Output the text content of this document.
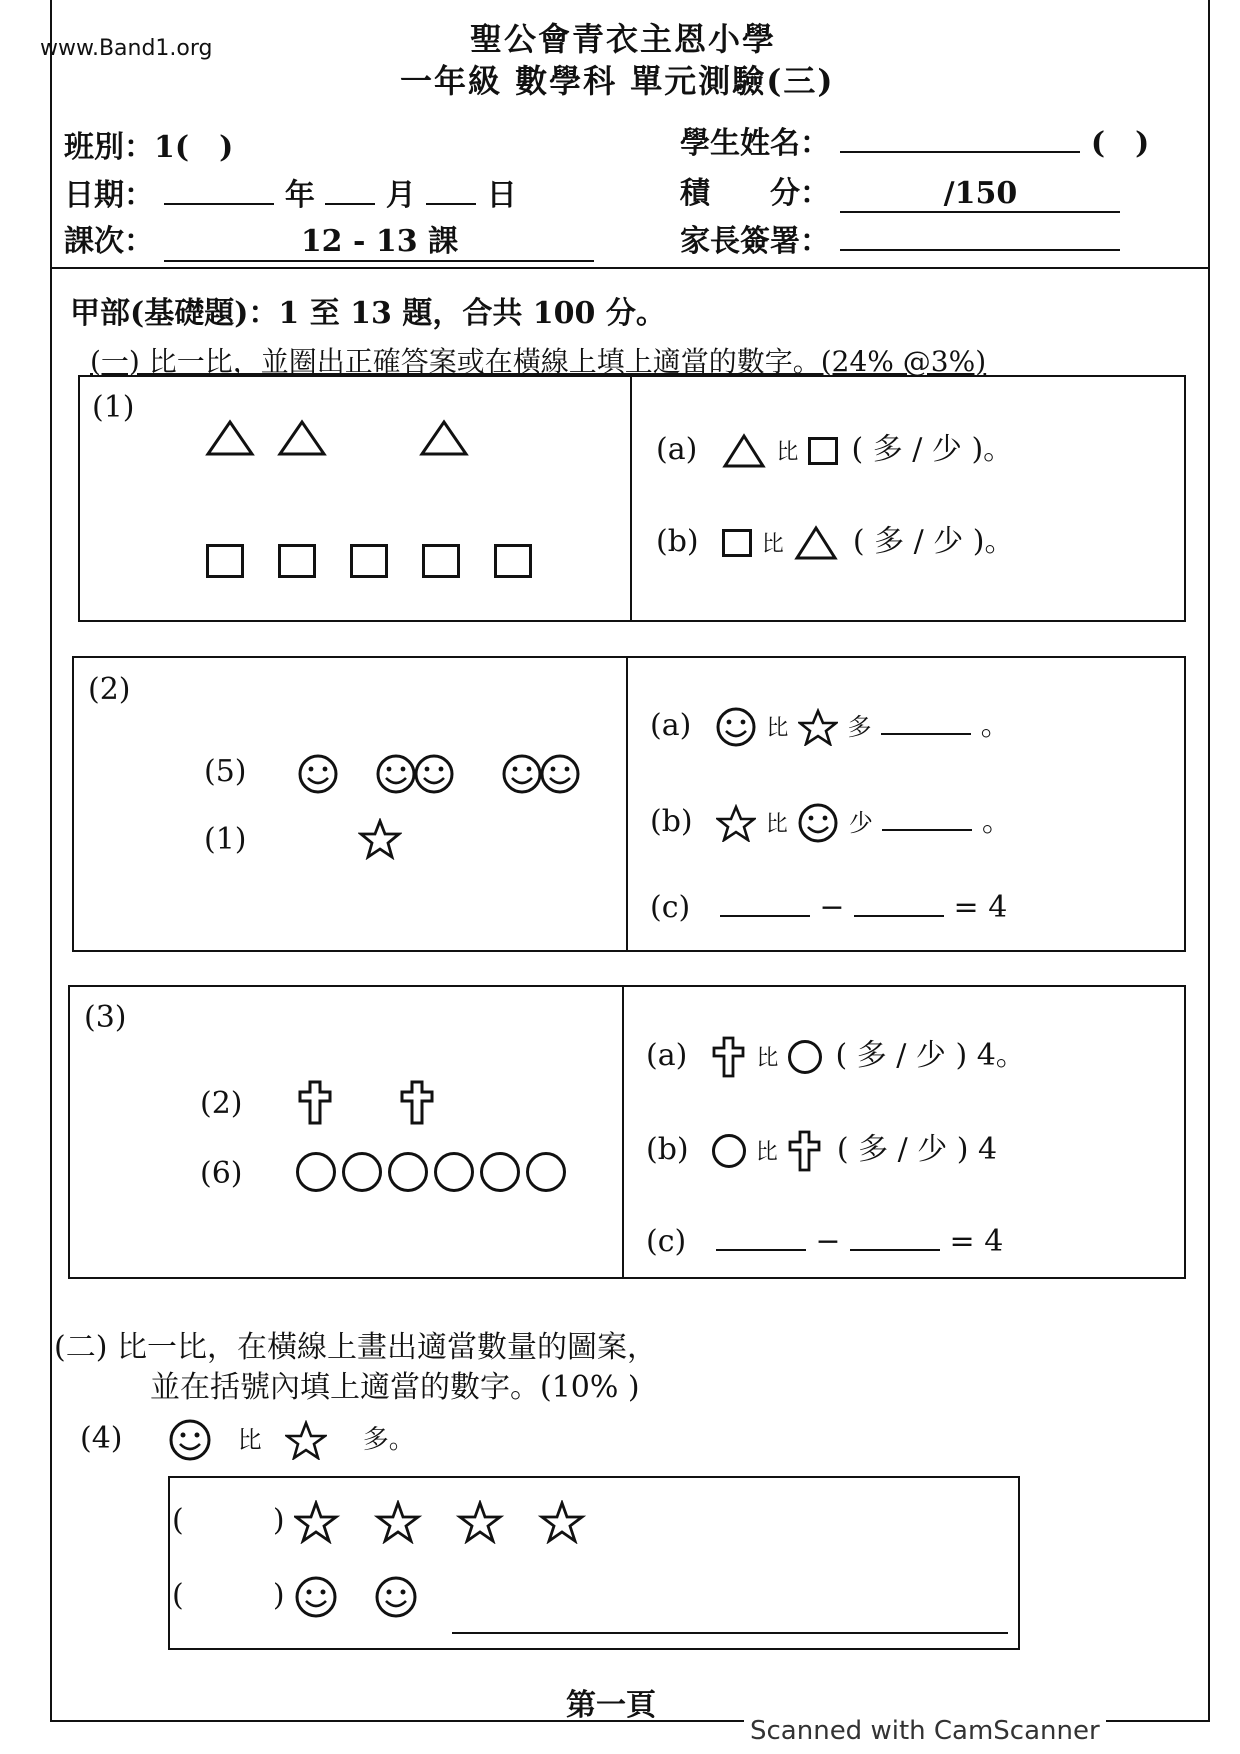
www.Band1.org	聖公會青衣主恩小學
一年級 數學科 單元測驗(三)
班別：1(　)
日期：	年 月 日
課次：	12 - 13 課
學生姓名：	(　)
積　　分：	/150
家長簽署：
甲部(基礎題)：1 至 13 題，合共 100 分。
(一) 比一比，並圈出正確答案或在橫線上填上適當的數字。(24% @3%)
(1)
(a)	比 ( 多 / 少 )。
(b)	比 ( 多 / 少 )。
(2)
(5)
(1)
(a)	比 多	。
(b)	比	少	。
(c)	−	= 4
(3)
(2)
(6)
(a)	比 ( 多 / 少 ) 4。
(b)	比 ( 多 / 少 ) 4
(c)	−	= 4
(二) 比一比，在橫線上畫出適當數量的圖案，
並在括號內填上適當的數字。(10% )
(4)	比	多。
(	)
(	)
第一頁
Scanned with CamScanner
